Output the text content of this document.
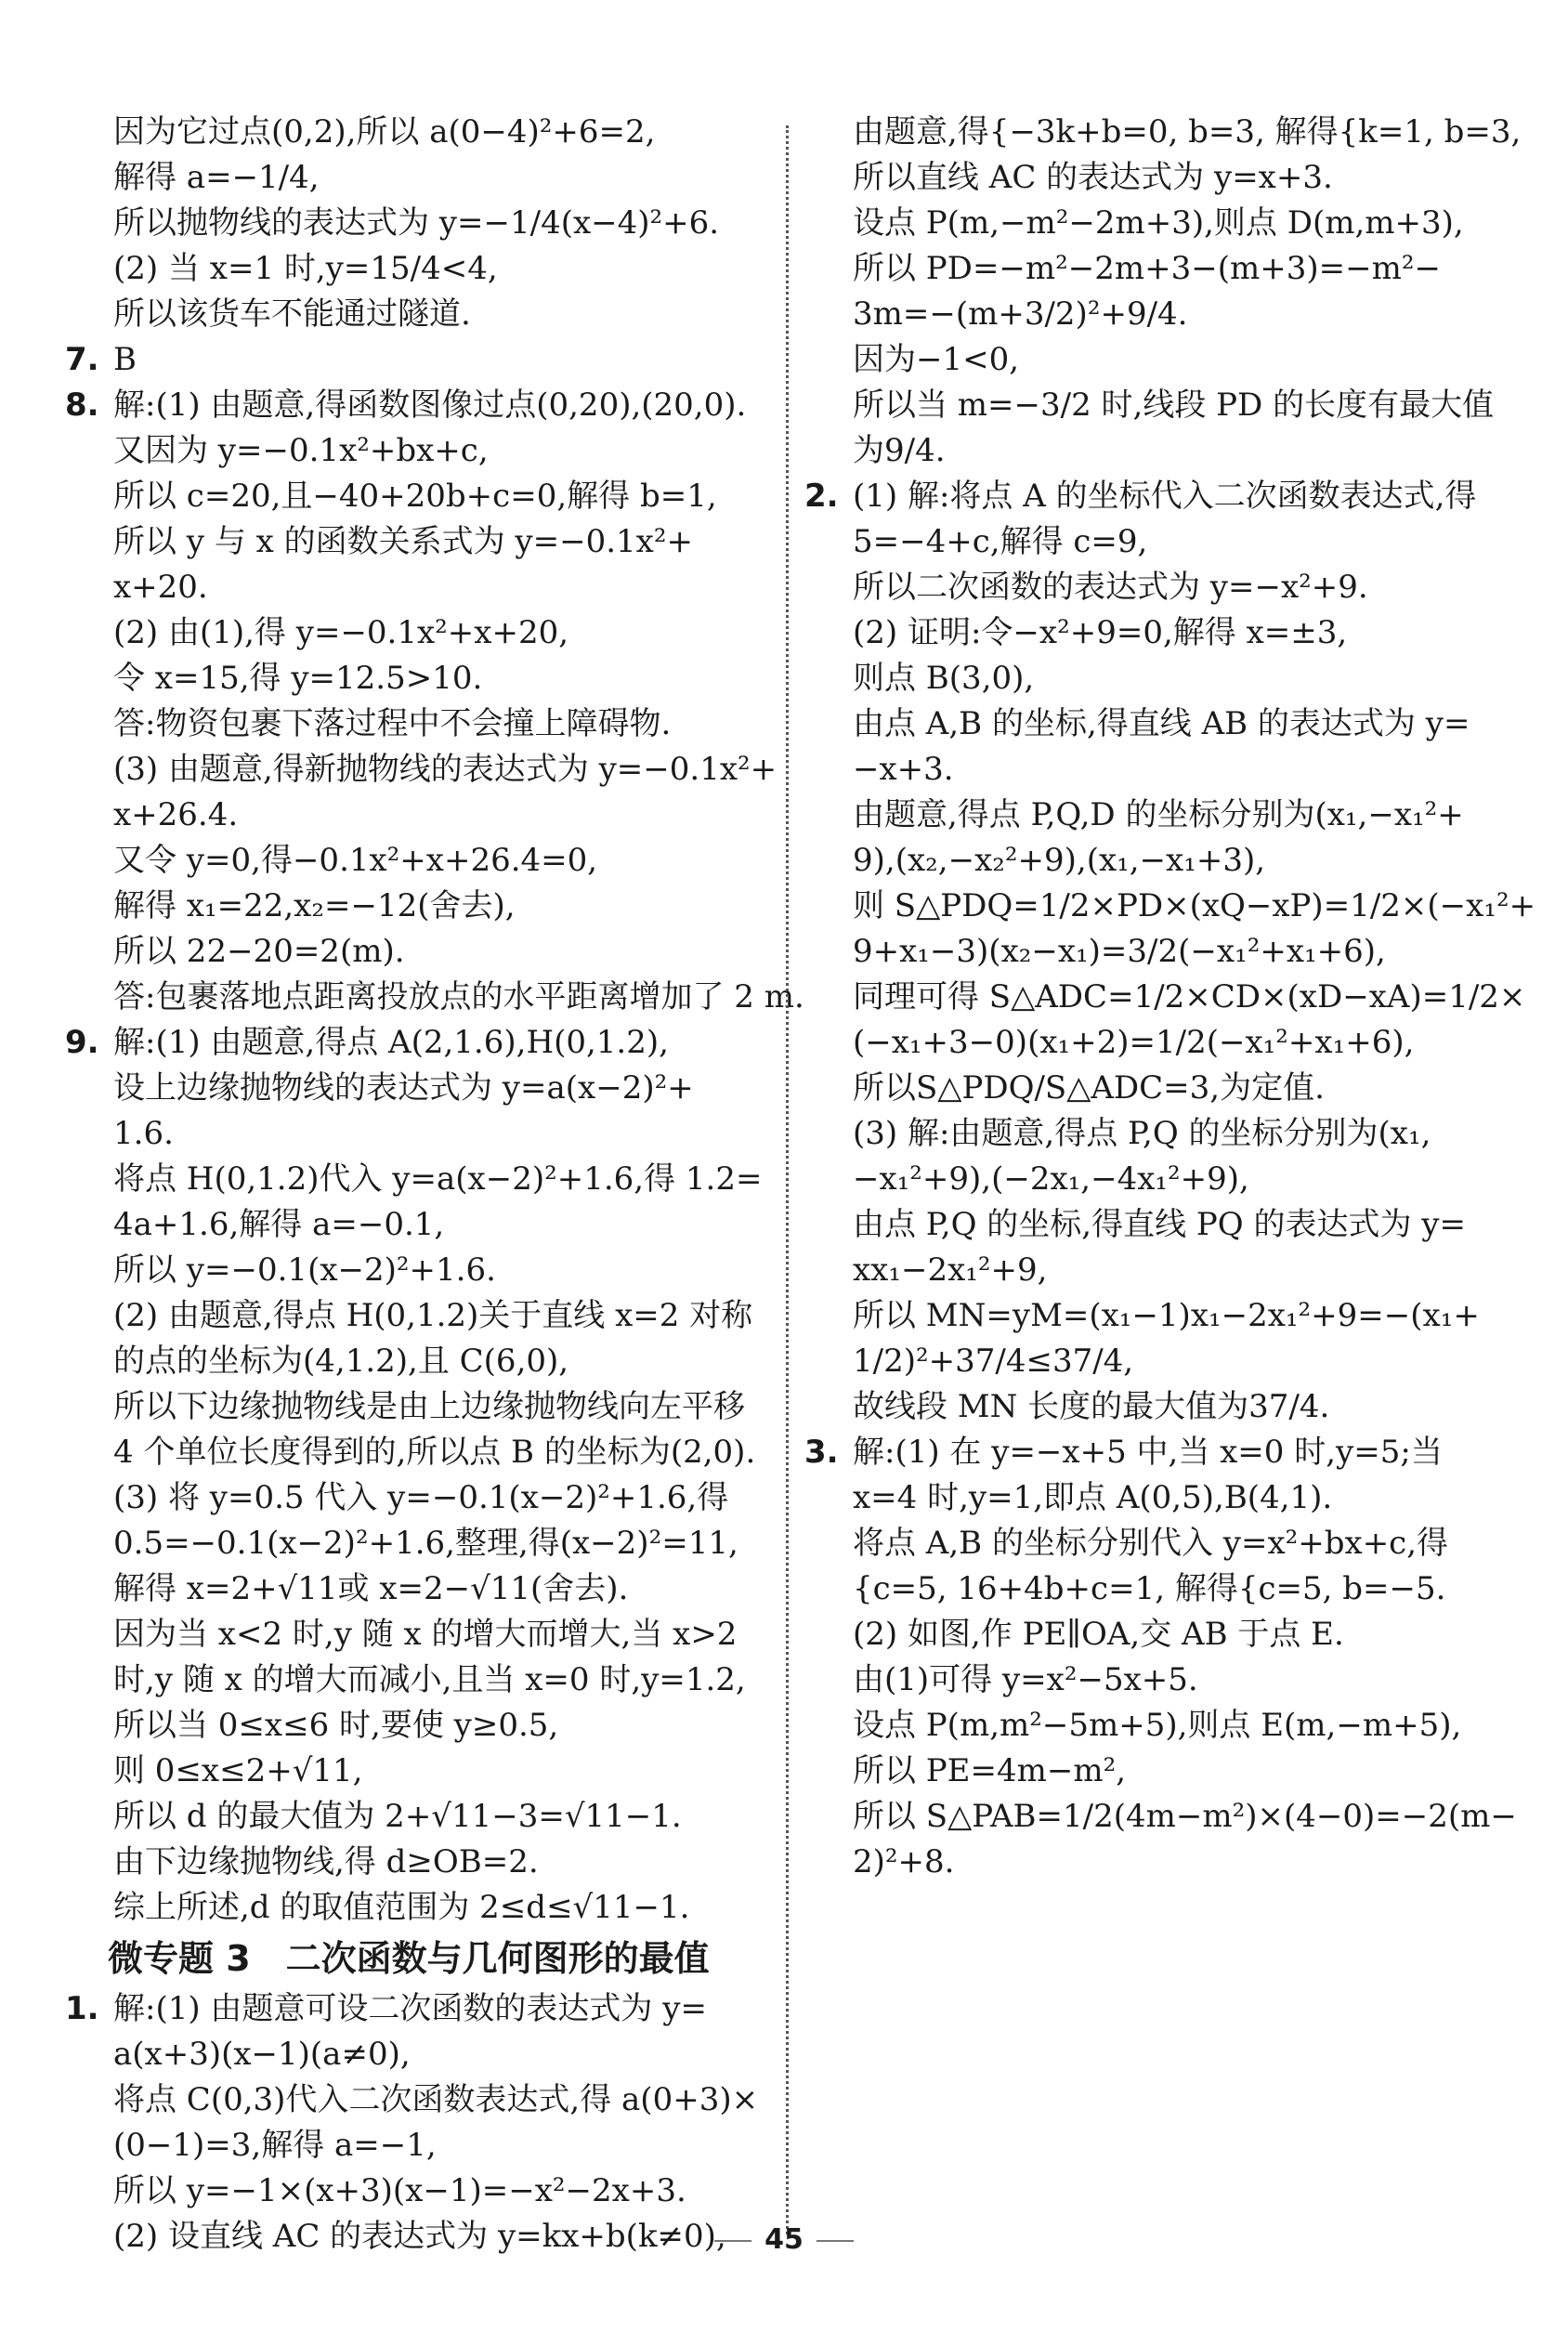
因为它过点(0,2),所以 a(0−4)²+6=2,
解得 a=−1/4,
所以抛物线的表达式为 y=−1/4(x−4)²+6.
(2) 当 x=1 时,y=15/4<4,
所以该货车不能通过隧道.
7. B
8. 解:(1) 由题意,得函数图像过点(0,20),(20,0).
又因为 y=−0.1x²+bx+c,
所以 c=20,且−40+20b+c=0,解得 b=1,
所以 y 与 x 的函数关系式为 y=−0.1x²+
x+20.
(2) 由(1),得 y=−0.1x²+x+20,
令 x=15,得 y=12.5>10.
答:物资包裹下落过程中不会撞上障碍物.
(3) 由题意,得新抛物线的表达式为 y=−0.1x²+
x+26.4.
又令 y=0,得−0.1x²+x+26.4=0,
解得 x₁=22,x₂=−12(舍去),
所以 22−20=2(m).
答:包裹落地点距离投放点的水平距离增加了 2 m.
9. 解:(1) 由题意,得点 A(2,1.6),H(0,1.2),
设上边缘抛物线的表达式为 y=a(x−2)²+
1.6.
将点 H(0,1.2)代入 y=a(x−2)²+1.6,得 1.2=
4a+1.6,解得 a=−0.1,
所以 y=−0.1(x−2)²+1.6.
(2) 由题意,得点 H(0,1.2)关于直线 x=2 对称
的点的坐标为(4,1.2),且 C(6,0),
所以下边缘抛物线是由上边缘抛物线向左平移
4 个单位长度得到的,所以点 B 的坐标为(2,0).
(3) 将 y=0.5 代入 y=−0.1(x−2)²+1.6,得
0.5=−0.1(x−2)²+1.6,整理,得(x−2)²=11,
解得 x=2+√11或 x=2−√11(舍去).
因为当 x<2 时,y 随 x 的增大而增大,当 x>2
时,y 随 x 的增大而减小,且当 x=0 时,y=1.2,
所以当 0≤x≤6 时,要使 y≥0.5,
则 0≤x≤2+√11,
所以 d 的最大值为 2+√11−3=√11−1.
由下边缘抛物线,得 d≥OB=2.
综上所述,d 的取值范围为 2≤d≤√11−1.
微专题 3　二次函数与几何图形的最值
1. 解:(1) 由题意可设二次函数的表达式为 y=
a(x+3)(x−1)(a≠0),
将点 C(0,3)代入二次函数表达式,得 a(0+3)×
(0−1)=3,解得 a=−1,
所以 y=−1×(x+3)(x−1)=−x²−2x+3.
(2) 设直线 AC 的表达式为 y=kx+b(k≠0),
由题意,得{−3k+b=0, b=3, 解得{k=1, b=3,
所以直线 AC 的表达式为 y=x+3.
设点 P(m,−m²−2m+3),则点 D(m,m+3),
所以 PD=−m²−2m+3−(m+3)=−m²−
3m=−(m+3/2)²+9/4.
因为−1<0,
所以当 m=−3/2 时,线段 PD 的长度有最大值
为9/4.
2. (1) 解:将点 A 的坐标代入二次函数表达式,得
5=−4+c,解得 c=9,
所以二次函数的表达式为 y=−x²+9.
(2) 证明:令−x²+9=0,解得 x=±3,
则点 B(3,0),
由点 A,B 的坐标,得直线 AB 的表达式为 y=
−x+3.
由题意,得点 P,Q,D 的坐标分别为(x₁,−x₁²+
9),(x₂,−x₂²+9),(x₁,−x₁+3),
则 S△PDQ=1/2×PD×(xQ−xP)=1/2×(−x₁²+
9+x₁−3)(x₂−x₁)=3/2(−x₁²+x₁+6),
同理可得 S△ADC=1/2×CD×(xD−xA)=1/2×
(−x₁+3−0)(x₁+2)=1/2(−x₁²+x₁+6),
所以S△PDQ/S△ADC=3,为定值.
(3) 解:由题意,得点 P,Q 的坐标分别为(x₁,
−x₁²+9),(−2x₁,−4x₁²+9),
由点 P,Q 的坐标,得直线 PQ 的表达式为 y=
xx₁−2x₁²+9,
所以 MN=yM=(x₁−1)x₁−2x₁²+9=−(x₁+
1/2)²+37/4≤37/4,
故线段 MN 长度的最大值为37/4.
3. 解:(1) 在 y=−x+5 中,当 x=0 时,y=5;当
x=4 时,y=1,即点 A(0,5),B(4,1).
将点 A,B 的坐标分别代入 y=x²+bx+c,得
{c=5, 16+4b+c=1, 解得{c=5, b=−5.
(2) 如图,作 PE∥OA,交 AB 于点 E.
由(1)可得 y=x²−5x+5.
设点 P(m,m²−5m+5),则点 E(m,−m+5),
所以 PE=4m−m²,
所以 S△PAB=1/2(4m−m²)×(4−0)=−2(m−
2)²+8.
45
